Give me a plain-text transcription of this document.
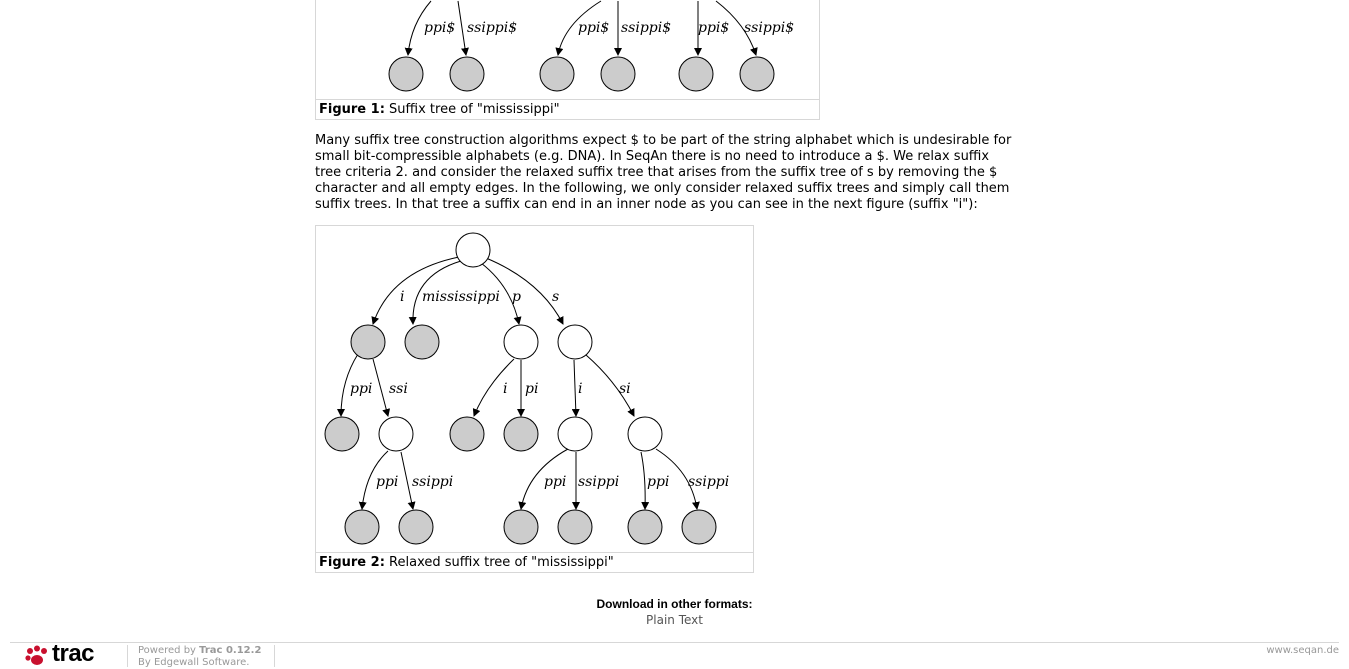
ppi$ ssippi$	ppi$ ssippi$ ppi$ ssippi$
Figure 1: Suffix tree of "mississippi"

Many suffix tree construction algorithms expect $ to be part of the string alphabet which is undesirable for

small bit-compressible alphabets (e.g. DNA). In SeqAn there is no need to introduce a $. We relax suffix

tree criteria 2. and consider the relaxed suffix tree that arises from the suffix tree of s by removing the $

character and all empty edges. In the following, we only consider relaxed suffix trees and simply call them

suffix trees. In that tree a suffix can end in an inner node as you can see in the next figure (suffix "i"):

i mississippi p s
ppi ssi	i pi	i	si
ppi ssippi	ppi ssippi ppi ssippi
Figure 2: Relaxed suffix tree of "mississippi"
Download in other formats:
Plain Text
trac	Powered by Trac 0.12.2
By Edgewall Software.
www.seqan.de
